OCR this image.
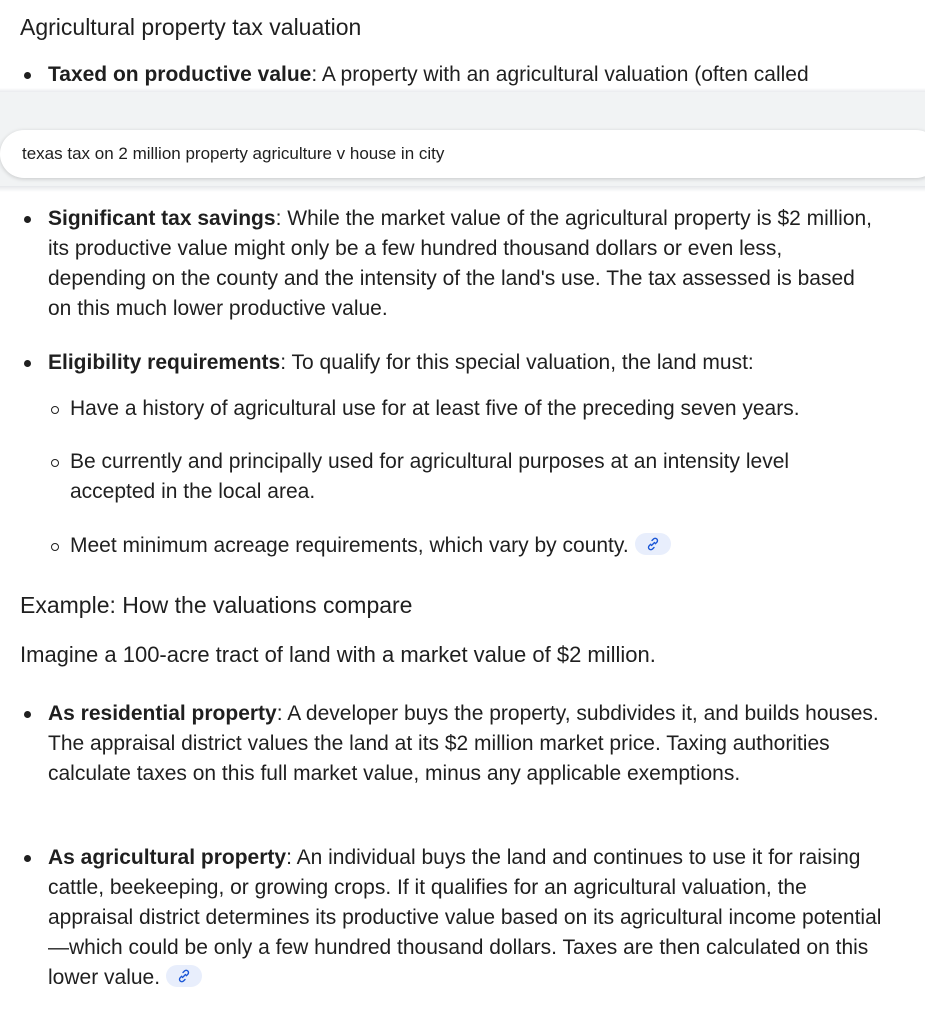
Agricultural property tax valuation
Taxed on productive value: A property with an agricultural valuation (often called
texas tax on 2 million property agriculture v house in city
Significant tax savings: While the market value of the agricultural property is $2 million, its productive value might only be a few hundred thousand dollars or even less, depending on the county and the intensity of the land's use. The tax assessed is based on this much lower productive value.
Eligibility requirements: To qualify for this special valuation, the land must:
Have a history of agricultural use for at least five of the preceding seven years.
Be currently and principally used for agricultural purposes at an intensity level accepted in the local area.
Meet minimum acreage requirements, which vary by county.
Example: How the valuations compare
Imagine a 100-acre tract of land with a market value of $2 million.
As residential property: A developer buys the property, subdivides it, and builds houses. The appraisal district values the land at its $2 million market price. Taxing authorities calculate taxes on this full market value, minus any applicable exemptions.
As agricultural property: An individual buys the land and continues to use it for raising cattle, beekeeping, or growing crops. If it qualifies for an agricultural valuation, the appraisal district determines its productive value based on its agricultural income potential—which could be only a few hundred thousand dollars. Taxes are then calculated on this lower value.
